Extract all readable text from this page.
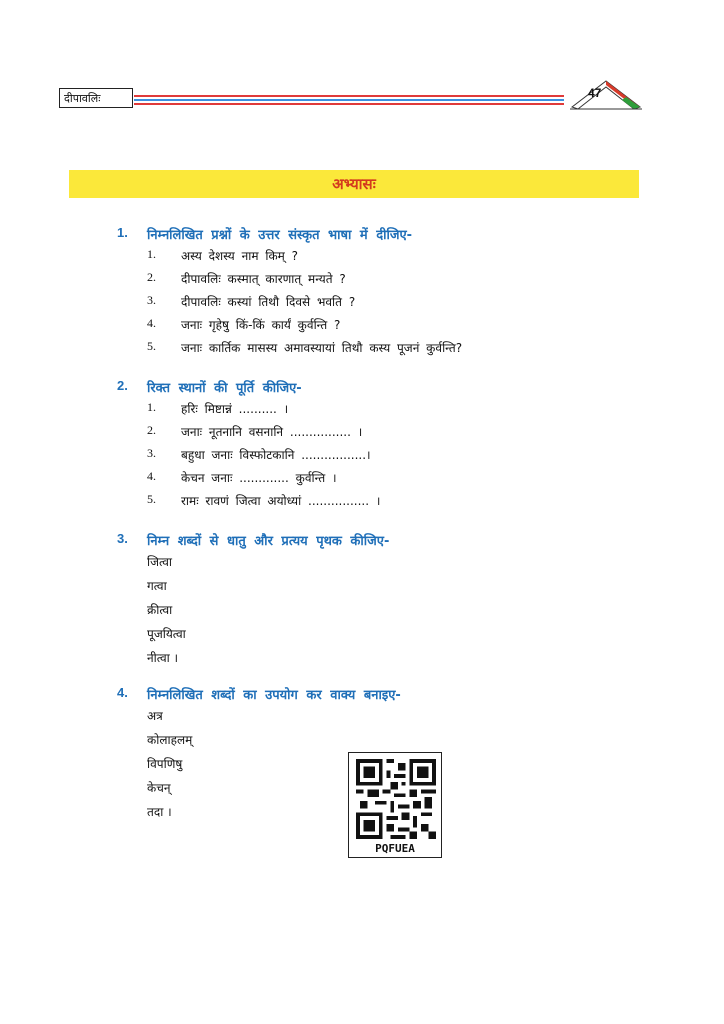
दीपावलिः	47
अभ्यासः
1. निम्नलिखित प्रश्नों के उत्तर संस्कृत भाषा में दीजिए-
1.	अस्य देशस्य नाम किम् ?
2.	दीपावलिः कस्मात् कारणात् मन्यते ?
3.	दीपावलिः कस्यां तिथौ दिवसे भवति ?
4.	जनाः गृहेषु किं-किं कार्यं कुर्वन्ति ?
5.	जनाः कार्तिक मासस्य अमावस्यायां तिथौ कस्य पूजनं कुर्वन्ति?
2. रिक्त स्थानों की पूर्ति कीजिए-
1.	हरिः मिष्टान्नं .......... ।
2.	जनाः नूतनानि वसनानि ................ ।
3.	बहुधा जनाः विस्फोटकानि .................।
4.	केचन जनाः ............. कुर्वन्ति ।
5.	रामः रावणं जित्वा अयोध्यां ................ ।
3. निम्न शब्दों से धातु और प्रत्यय पृथक कीजिए-
जित्वा
गत्वा
क्रीत्वा
पूजयित्वा
नीत्वा ।
4. निम्नलिखित शब्दों का उपयोग कर वाक्य बनाइए-
अत्र
कोलाहलम्
विपणिषु
केचन्
तदा ।
PQFUEA
